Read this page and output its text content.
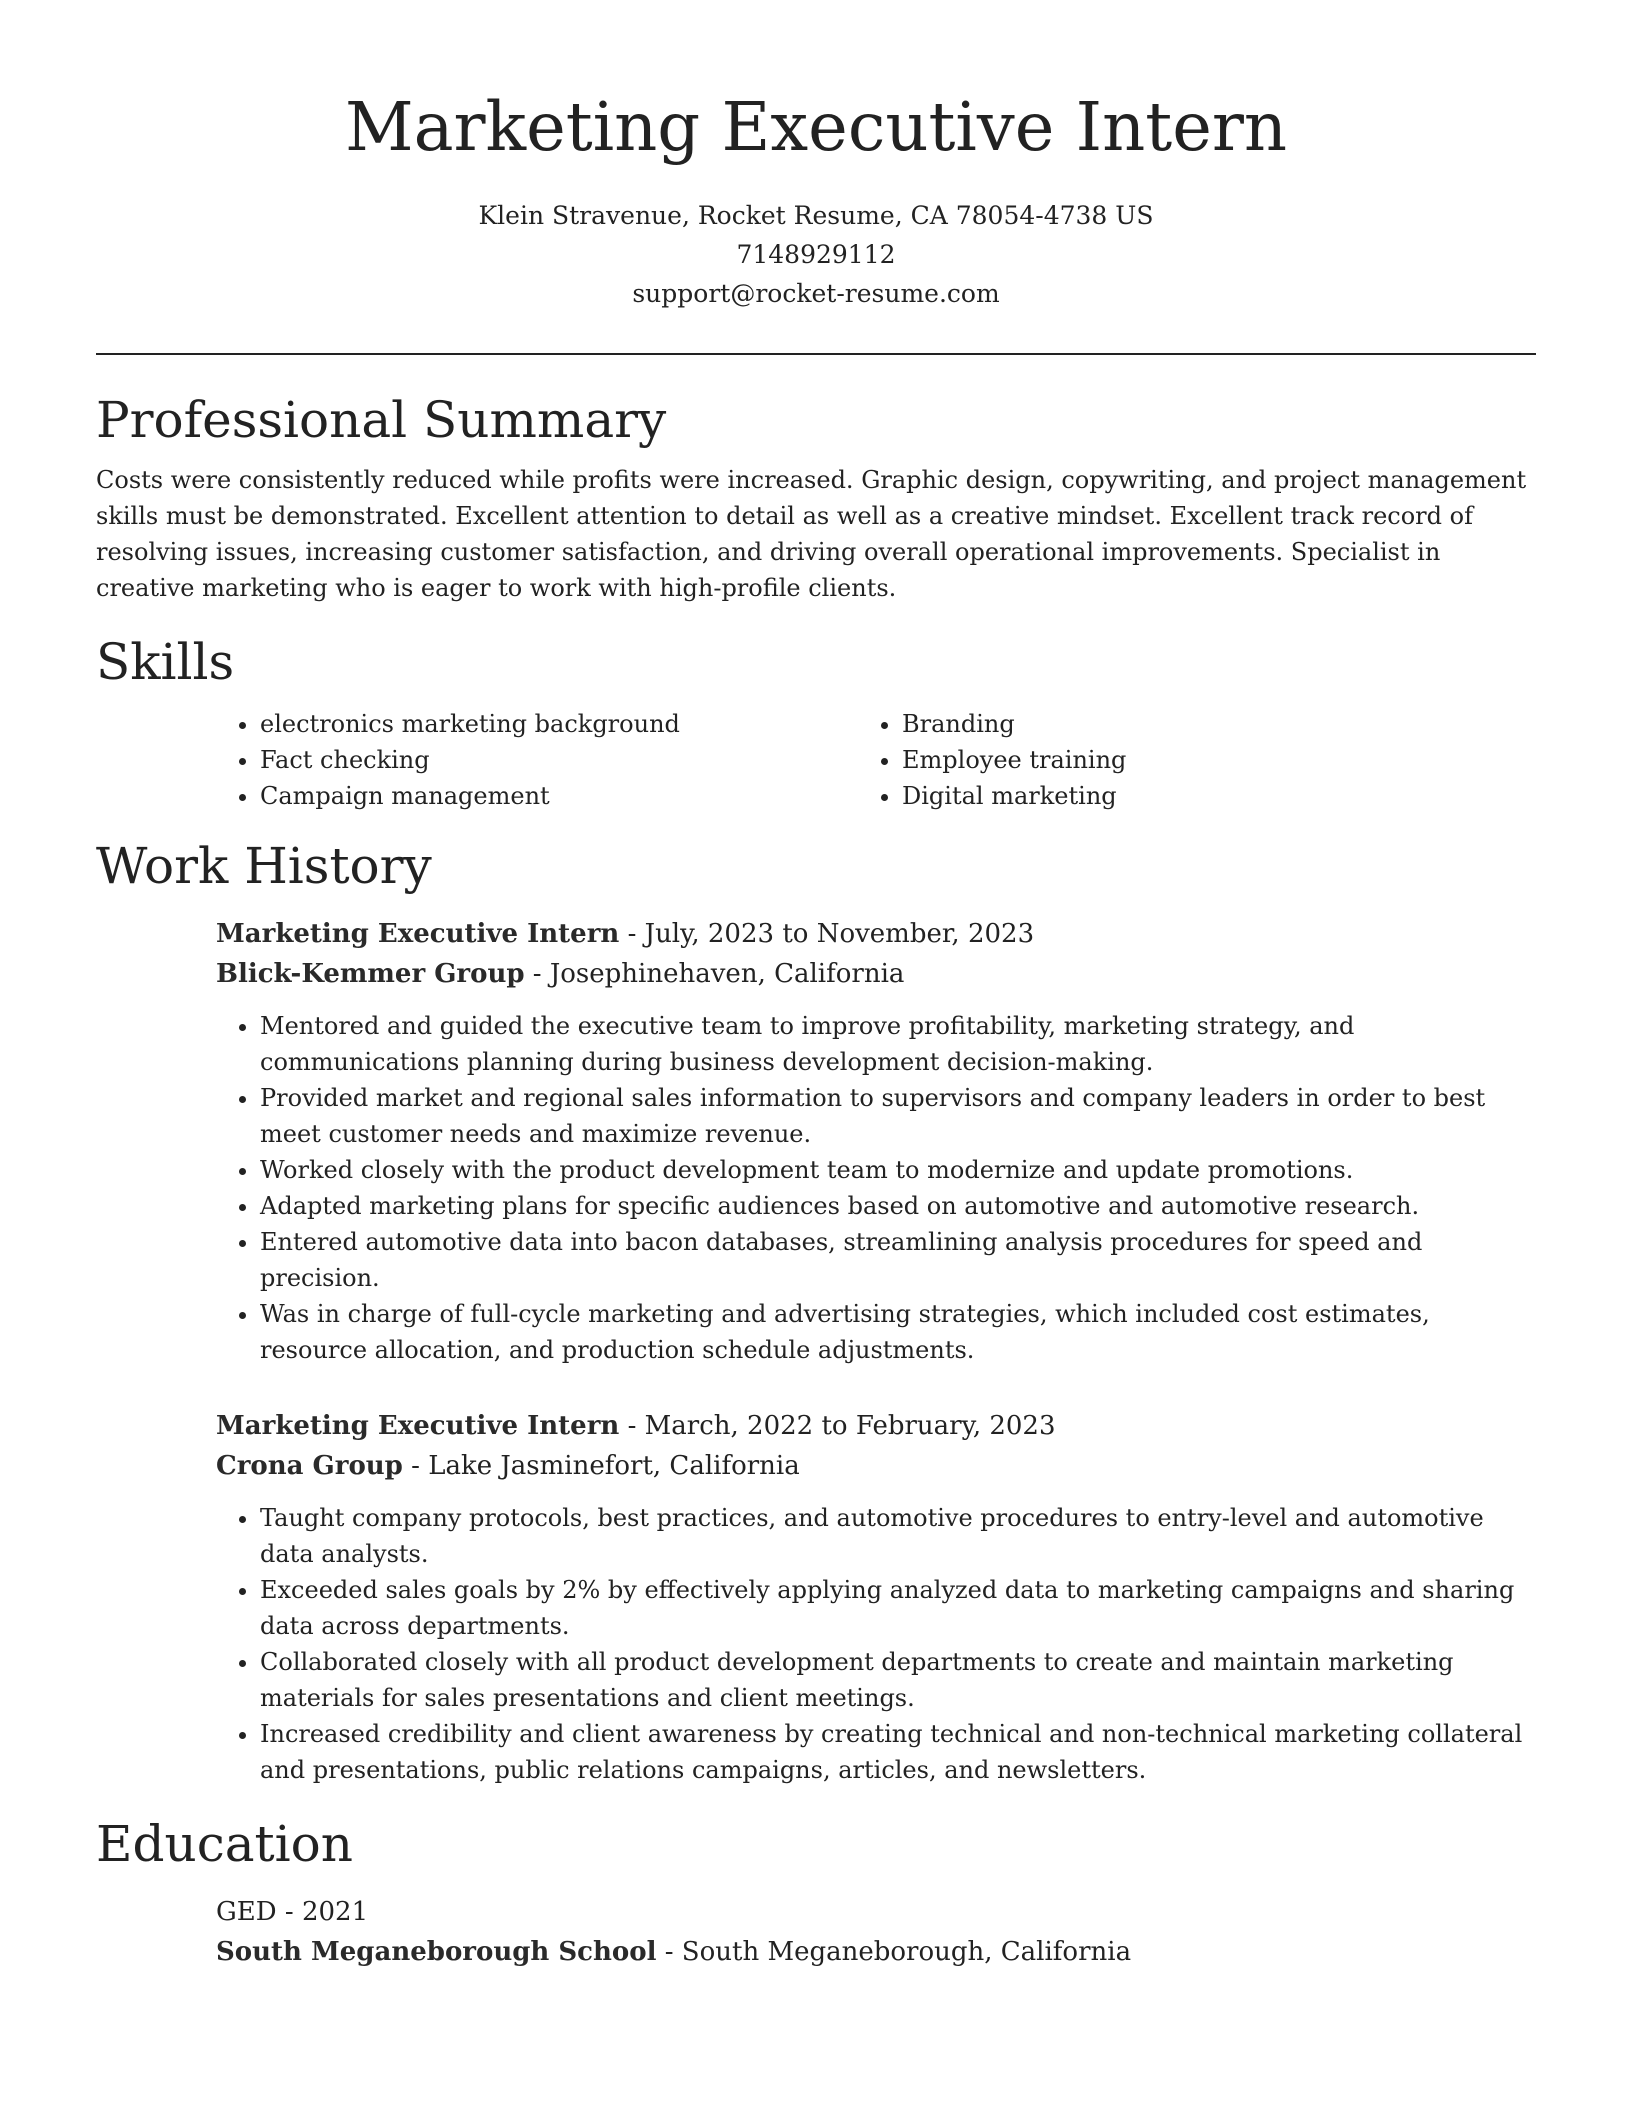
Marketing Executive Intern
Klein Stravenue, Rocket Resume, CA 78054-4738 US
7148929112
support@rocket-resume.com
Professional Summary

Costs were consistently reduced while profits were increased. Graphic design, copywriting, and project management skills must be demonstrated. Excellent attention to detail as well as a creative mindset. Excellent track record of resolving issues, increasing customer satisfaction, and driving overall operational improvements. Specialist in creative marketing who is eager to work with high-profile clients.

Skills
• electronics marketing background
• Fact checking
• Campaign management
• Branding
• Employee training
• Digital marketing
Work History
Marketing Executive Intern - July, 2023 to November, 2023
Blick-Kemmer Group - Josephinehaven, California
• Mentored and guided the executive team to improve profitability, marketing strategy, and communications planning during business development decision-making.
• Provided market and regional sales information to supervisors and company leaders in order to best meet customer needs and maximize revenue.
• Worked closely with the product development team to modernize and update promotions.
• Adapted marketing plans for specific audiences based on automotive and automotive research.
• Entered automotive data into bacon databases, streamlining analysis procedures for speed and precision.
• Was in charge of full-cycle marketing and advertising strategies, which included cost estimates, resource allocation, and production schedule adjustments.
Marketing Executive Intern - March, 2022 to February, 2023
Crona Group - Lake Jasminefort, California
• Taught company protocols, best practices, and automotive procedures to entry-level and automotive data analysts.
• Exceeded sales goals by 2% by effectively applying analyzed data to marketing campaigns and sharing data across departments.
• Collaborated closely with all product development departments to create and maintain marketing materials for sales presentations and client meetings.
• Increased credibility and client awareness by creating technical and non-technical marketing collateral and presentations, public relations campaigns, articles, and newsletters.
Education
GED - 2021
South Meganeborough School - South Meganeborough, California
